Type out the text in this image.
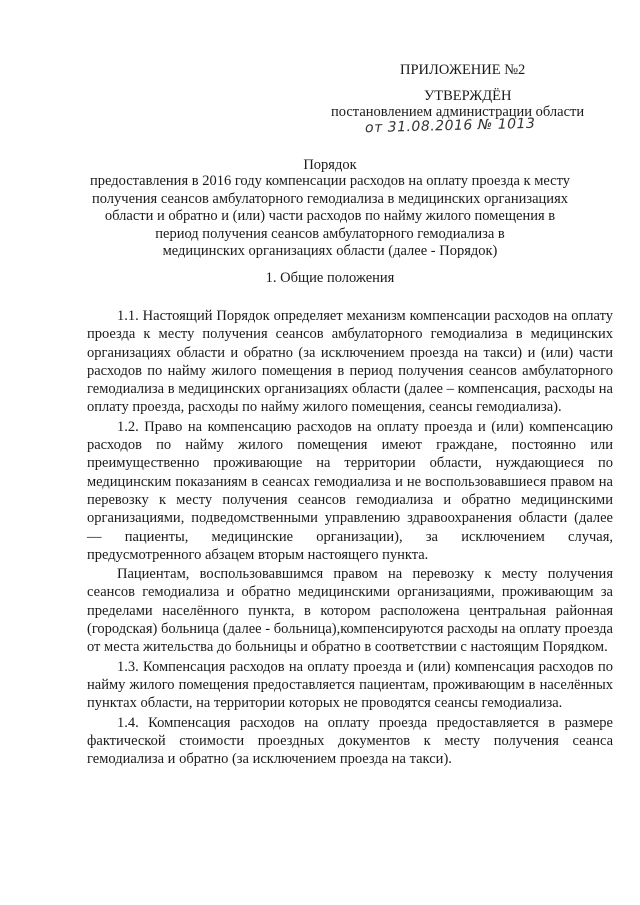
ПРИЛОЖЕНИЕ №2
УТВЕРЖДЁН
постановлением администрации области
от 31.08.2016 № 1013
Порядок
предоставления в 2016 году компенсации расходов на оплату проезда к месту
получения сеансов амбулаторного гемодиализа в медицинских организациях
области и обратно и (или) части расходов по найму жилого помещения в
период получения сеансов амбулаторного гемодиализа в
медицинских организациях области (далее - Порядок)
1. Общие положения

1.1. Настоящий Порядок определяет механизм компенсации расходов на оплату проезда к месту получения сеансов амбулаторного гемодиализа в медицинских организациях области и обратно (за исключением проезда на такси) и (или) части расходов по найму жилого помещения в период получения сеансов амбулаторного гемодиализа в медицинских организациях области (далее – компенсация, расходы на оплату проезда, расходы по найму жилого помещения, сеансы гемодиализа).

1.2. Право на компенсацию расходов на оплату проезда и (или) компенсацию расходов по найму жилого помещения имеют граждане, постоянно или преимущественно проживающие на территории области, нуждающиеся по медицинским показаниям в сеансах гемодиализа и не воспользовавшиеся правом на перевозку к месту получения сеансов гемодиализа и обратно медицинскими организациями, подведомственными управлению здравоохранения области (далее — пациенты, медицинские организации), за исключением случая, предусмотренного абзацем вторым настоящего пункта.

Пациентам, воспользовавшимся правом на перевозку к месту получения сеансов гемодиализа и обратно медицинскими организациями, проживающим за пределами населённого пункта, в котором расположена центральная районная (городская) больница (далее - больница),компенсируются расходы на оплату проезда от места жительства до больницы и обратно в соответствии с настоящим Порядком.

1.3. Компенсация расходов на оплату проезда и (или) компенсация расходов по найму жилого помещения предоставляется пациентам, проживающим в населённых пунктах области, на территории которых не проводятся сеансы гемодиализа.

1.4. Компенсация расходов на оплату проезда предоставляется в размере фактической стоимости проездных документов к месту получения сеанса гемодиализа и обратно (за исключением проезда на такси).
